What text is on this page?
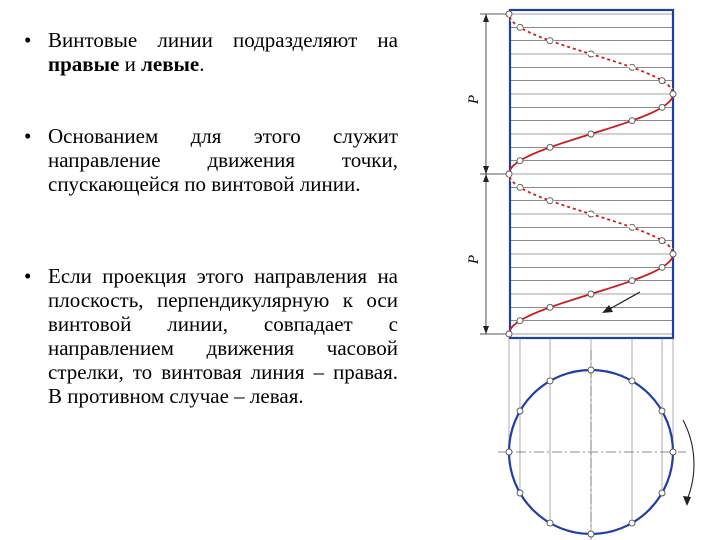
• Винтовые линии подразделяют на правые и левые.
• Основанием для этого служит направление движения точки, спускающейся по винтовой линии.
• Если проекция этого направления на плоскость, перпендикулярную к оси винтовой линии, совпадает с направлением движения часовой стрелки, то винтовая линия – правая. В противном случае – левая.
P
P
